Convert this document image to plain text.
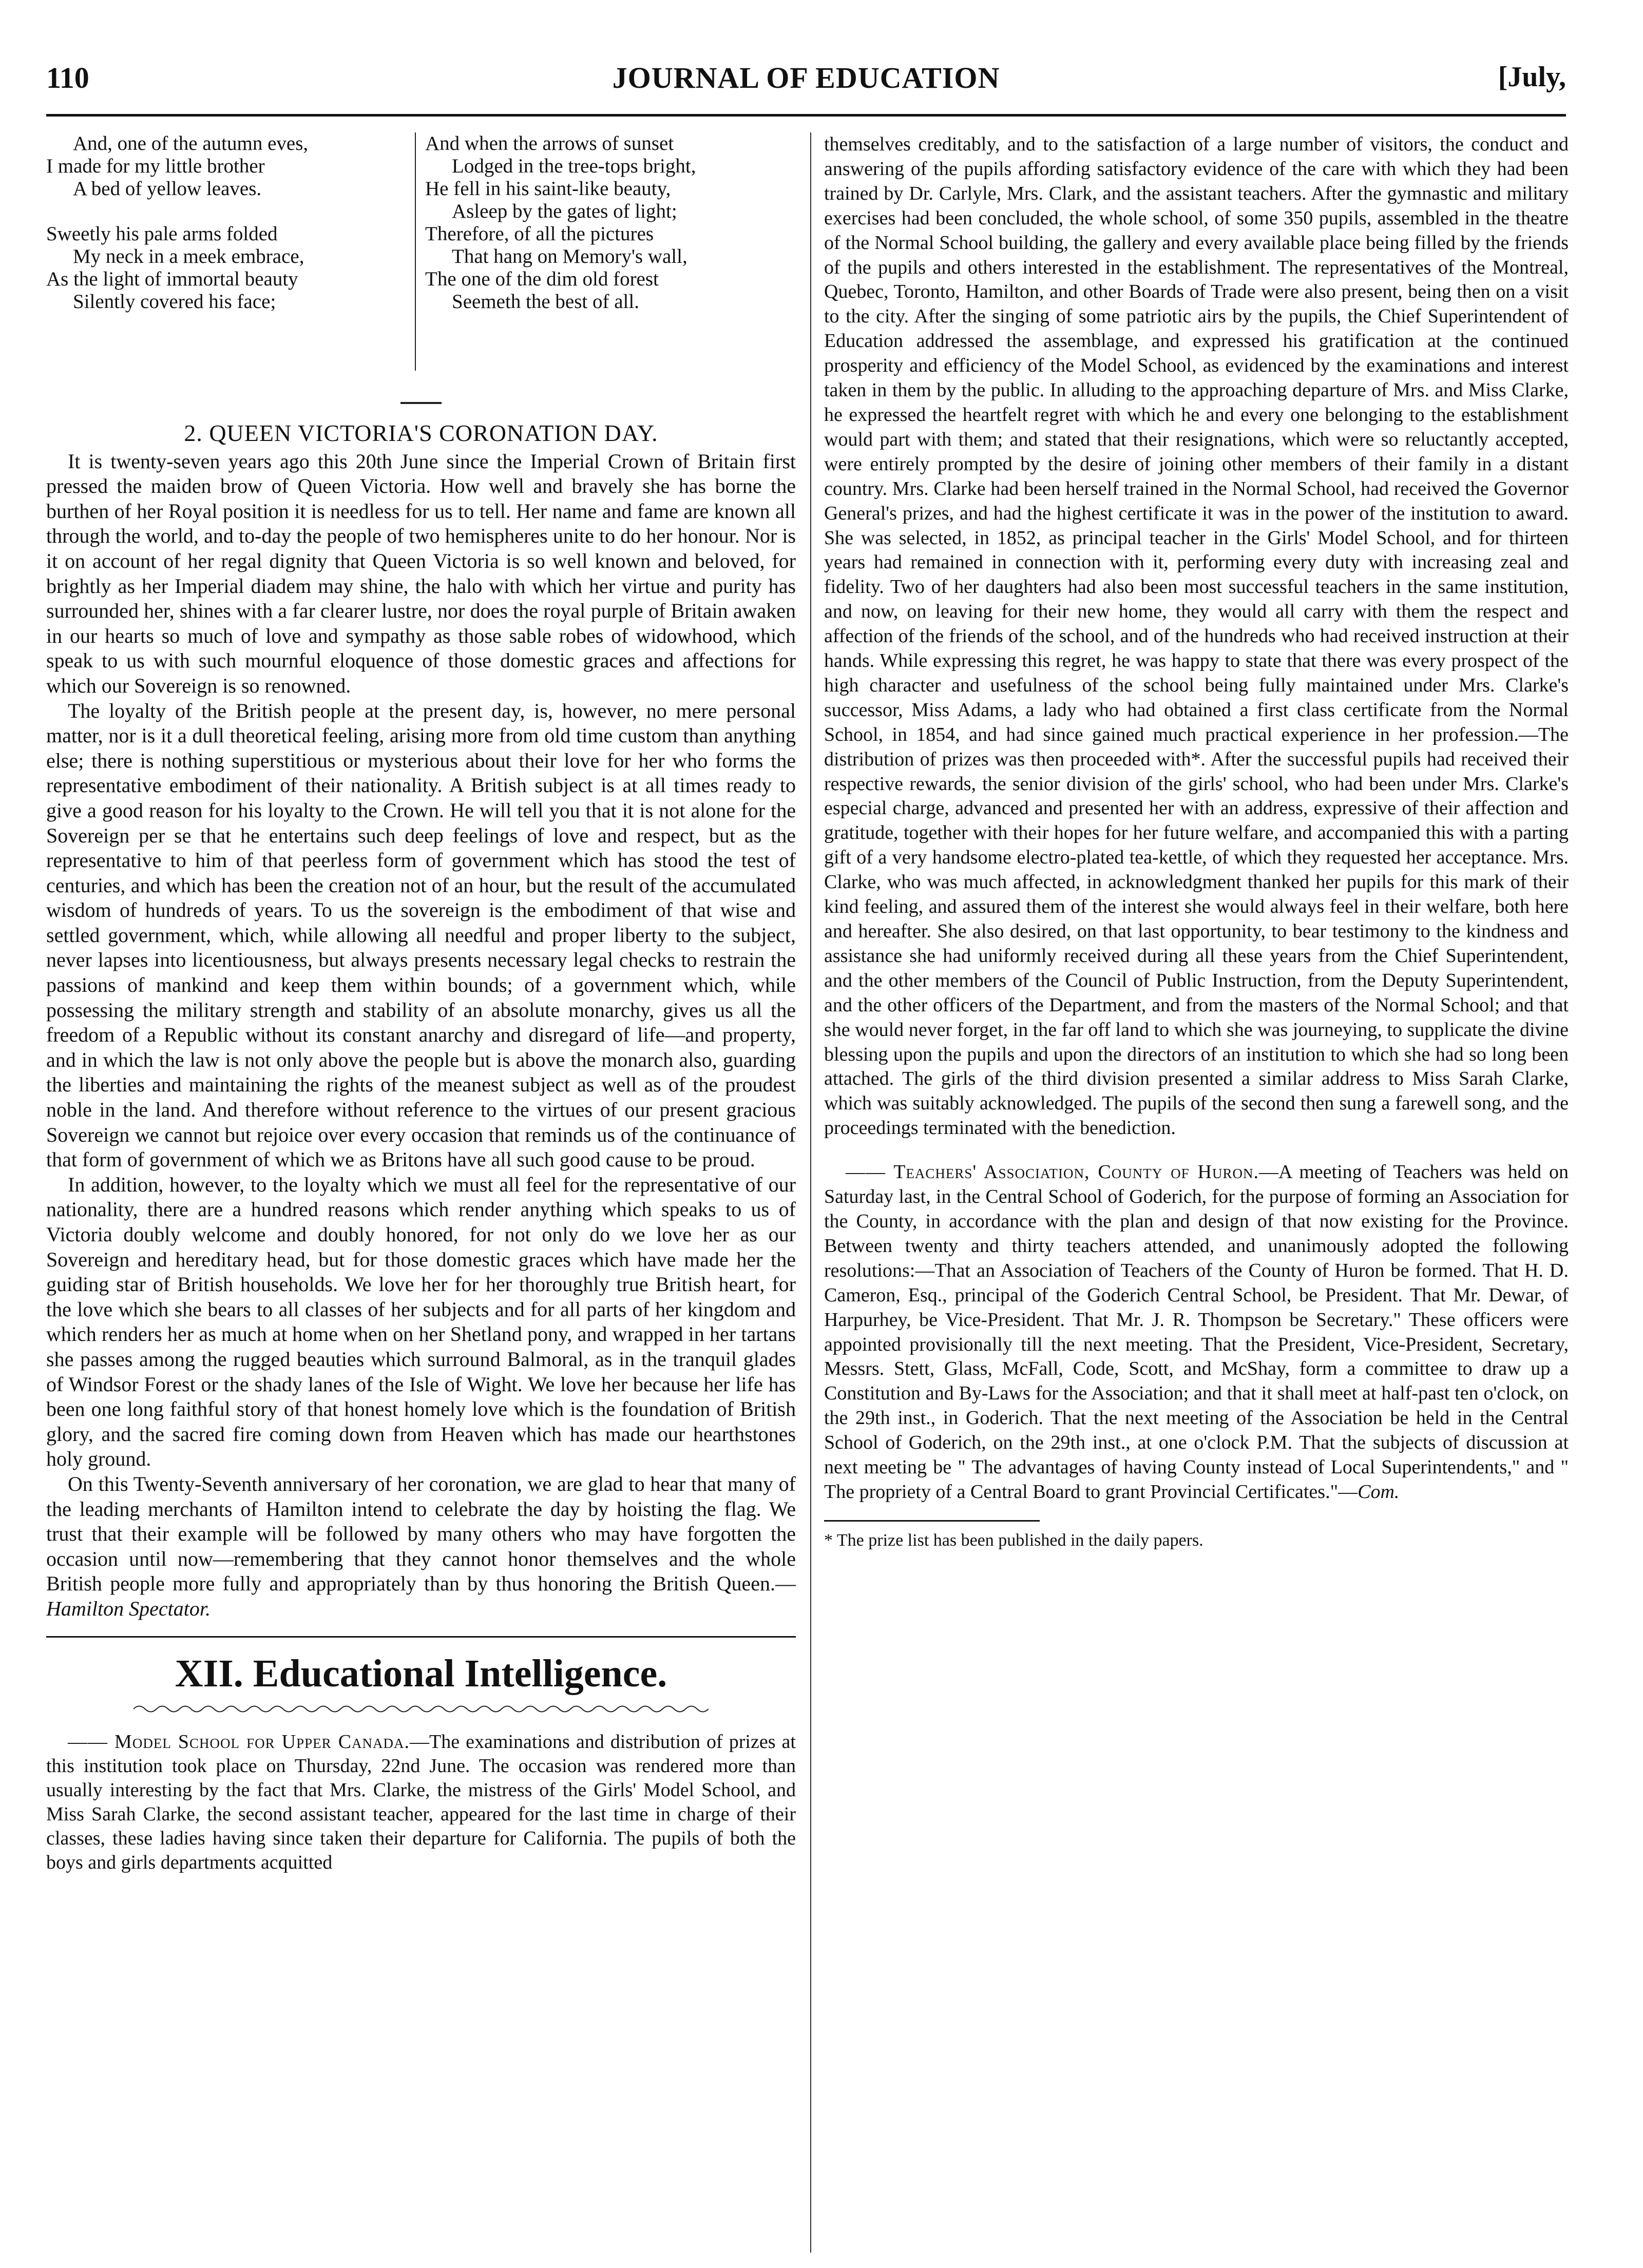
110	JOURNAL OF EDUCATION	[July,
And, one of the autumn eves,
I made for my little brother
A bed of yellow leaves.
Sweetly his pale arms folded
My neck in a meek embrace,
As the light of immortal beauty
Silently covered his face;
And when the arrows of sunset
Lodged in the tree-tops bright,
He fell in his saint-like beauty,
Asleep by the gates of light;
Therefore, of all the pictures
That hang on Memory's wall,
The one of the dim old forest
Seemeth the best of all.
2. QUEEN VICTORIA'S CORONATION DAY.

It is twenty-seven years ago this 20th June since the Imperial Crown of Britain first pressed the maiden brow of Queen Victoria. How well and bravely she has borne the burthen of her Royal position it is needless for us to tell. Her name and fame are known all through the world, and to-day the people of two hemispheres unite to do her honour. Nor is it on account of her regal dignity that Queen Victoria is so well known and beloved, for brightly as her Imperial diadem may shine, the halo with which her virtue and purity has surrounded her, shines with a far clearer lustre, nor does the royal purple of Britain awaken in our hearts so much of love and sympathy as those sable robes of widowhood, which speak to us with such mournful eloquence of those domestic graces and affections for which our Sovereign is so renowned.

The loyalty of the British people at the present day, is, however, no mere personal matter, nor is it a dull theoretical feeling, arising more from old time custom than anything else; there is nothing superstitious or mysterious about their love for her who forms the representative embodiment of their nationality. A British subject is at all times ready to give a good reason for his loyalty to the Crown. He will tell you that it is not alone for the Sovereign per se that he entertains such deep feelings of love and respect, but as the representative to him of that peerless form of government which has stood the test of centuries, and which has been the creation not of an hour, but the result of the accumulated wisdom of hundreds of years. To us the sovereign is the embodiment of that wise and settled government, which, while allowing all needful and proper liberty to the subject, never lapses into licentiousness, but always presents necessary legal checks to restrain the passions of mankind and keep them within bounds; of a government which, while possessing the military strength and stability of an absolute monarchy, gives us all the freedom of a Republic without its constant anarchy and disregard of life—and property, and in which the law is not only above the people but is above the monarch also, guarding the liberties and maintaining the rights of the meanest subject as well as of the proudest noble in the land. And therefore without reference to the virtues of our present gracious Sovereign we cannot but rejoice over every occasion that reminds us of the continuance of that form of government of which we as Britons have all such good cause to be proud.

In addition, however, to the loyalty which we must all feel for the representative of our nationality, there are a hundred reasons which render anything which speaks to us of Victoria doubly welcome and doubly honored, for not only do we love her as our Sovereign and hereditary head, but for those domestic graces which have made her the guiding star of British households. We love her for her thoroughly true British heart, for the love which she bears to all classes of her subjects and for all parts of her kingdom and which renders her as much at home when on her Shetland pony, and wrapped in her tartans she passes among the rugged beauties which surround Balmoral, as in the tranquil glades of Windsor Forest or the shady lanes of the Isle of Wight. We love her because her life has been one long faithful story of that honest homely love which is the foundation of British glory, and the sacred fire coming down from Heaven which has made our hearthstones holy ground.

On this Twenty-Seventh anniversary of her coronation, we are glad to hear that many of the leading merchants of Hamilton intend to celebrate the day by hoisting the flag. We trust that their example will be followed by many others who may have forgotten the occasion until now—remembering that they cannot honor themselves and the whole British people more fully and appropriately than by thus honoring the British Queen.—Hamilton Spectator.

XII. Educational Intelligence.

—— Model School for Upper Canada.—The examinations and distribution of prizes at this institution took place on Thursday, 22nd June. The occasion was rendered more than usually interesting by the fact that Mrs. Clarke, the mistress of the Girls' Model School, and Miss Sarah Clarke, the second assistant teacher, appeared for the last time in charge of their classes, these ladies having since taken their departure for California. The pupils of both the boys and girls departments acquitted

themselves creditably, and to the satisfaction of a large number of visitors, the conduct and answering of the pupils affording satisfactory evidence of the care with which they had been trained by Dr. Carlyle, Mrs. Clark, and the assistant teachers. After the gymnastic and military exercises had been concluded, the whole school, of some 350 pupils, assembled in the theatre of the Normal School building, the gallery and every available place being filled by the friends of the pupils and others interested in the establishment. The representatives of the Montreal, Quebec, Toronto, Hamilton, and other Boards of Trade were also present, being then on a visit to the city. After the singing of some patriotic airs by the pupils, the Chief Superintendent of Education addressed the assemblage, and expressed his gratification at the continued prosperity and efficiency of the Model School, as evidenced by the examinations and interest taken in them by the public. In alluding to the approaching departure of Mrs. and Miss Clarke, he expressed the heartfelt regret with which he and every one belonging to the establishment would part with them; and stated that their resignations, which were so reluctantly accepted, were entirely prompted by the desire of joining other members of their family in a distant country. Mrs. Clarke had been herself trained in the Normal School, had received the Governor General's prizes, and had the highest certificate it was in the power of the institution to award. She was selected, in 1852, as principal teacher in the Girls' Model School, and for thirteen years had remained in connection with it, performing every duty with increasing zeal and fidelity. Two of her daughters had also been most successful teachers in the same institution, and now, on leaving for their new home, they would all carry with them the respect and affection of the friends of the school, and of the hundreds who had received instruction at their hands. While expressing this regret, he was happy to state that there was every prospect of the high character and usefulness of the school being fully maintained under Mrs. Clarke's successor, Miss Adams, a lady who had obtained a first class certificate from the Normal School, in 1854, and had since gained much practical experience in her profession.—The distribution of prizes was then proceeded with*. After the successful pupils had received their respective rewards, the senior division of the girls' school, who had been under Mrs. Clarke's especial charge, advanced and presented her with an address, expressive of their affection and gratitude, together with their hopes for her future welfare, and accompanied this with a parting gift of a very handsome electro-plated tea-kettle, of which they requested her acceptance. Mrs. Clarke, who was much affected, in acknowledgment thanked her pupils for this mark of their kind feeling, and assured them of the interest she would always feel in their welfare, both here and hereafter. She also desired, on that last opportunity, to bear testimony to the kindness and assistance she had uniformly received during all these years from the Chief Superintendent, and the other members of the Council of Public Instruction, from the Deputy Superintendent, and the other officers of the Department, and from the masters of the Normal School; and that she would never forget, in the far off land to which she was journeying, to supplicate the divine blessing upon the pupils and upon the directors of an institution to which she had so long been attached. The girls of the third division presented a similar address to Miss Sarah Clarke, which was suitably acknowledged. The pupils of the second then sung a farewell song, and the proceedings terminated with the benediction.

—— Teachers' Association, County of Huron.—A meeting of Teachers was held on Saturday last, in the Central School of Goderich, for the purpose of forming an Association for the County, in accordance with the plan and design of that now existing for the Province. Between twenty and thirty teachers attended, and unanimously adopted the following resolutions:—That an Association of Teachers of the County of Huron be formed. That H. D. Cameron, Esq., principal of the Goderich Central School, be President. That Mr. Dewar, of Harpurhey, be Vice-President. That Mr. J. R. Thompson be Secretary." These officers were appointed provisionally till the next meeting. That the President, Vice-President, Secretary, Messrs. Stett, Glass, McFall, Code, Scott, and McShay, form a committee to draw up a Constitution and By-Laws for the Association; and that it shall meet at half-past ten o'clock, on the 29th inst., in Goderich. That the next meeting of the Association be held in the Central School of Goderich, on the 29th inst., at one o'clock P.M. That the subjects of discussion at next meeting be " The advantages of having County instead of Local Superintendents," and " The propriety of a Central Board to grant Provincial Certificates."—Com.

* The prize list has been published in the daily papers.
